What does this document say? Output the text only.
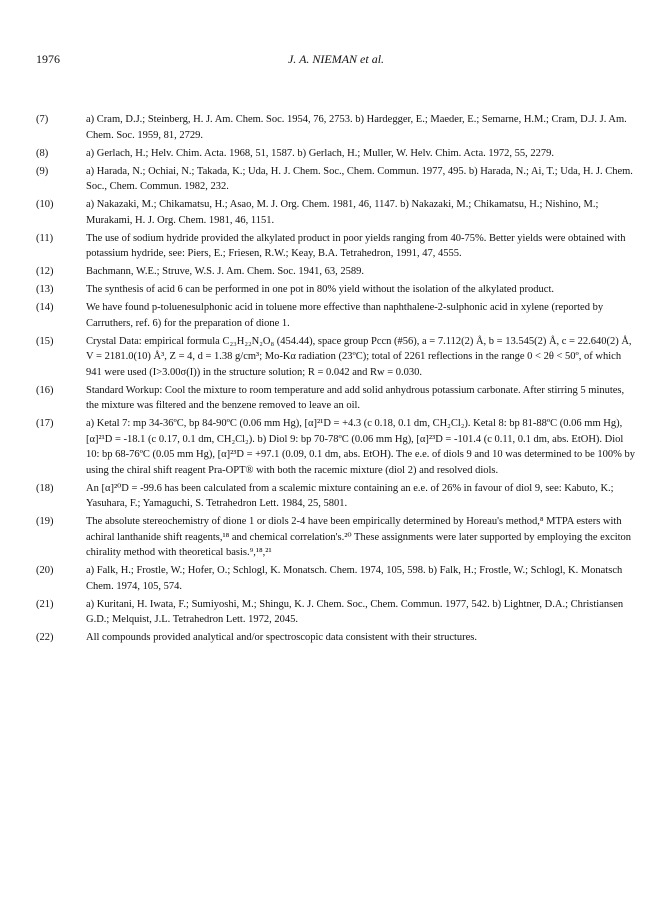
1976	J. A. NIEMAN et al.
(7)	a) Cram, D.J.; Steinberg, H. J. Am. Chem. Soc. 1954, 76, 2753. b) Hardegger, E.; Maeder, E.; Semarne, H.M.; Cram, D.J. J. Am. Chem. Soc. 1959, 81, 2729.
(8)	a) Gerlach, H.; Helv. Chim. Acta. 1968, 51, 1587. b) Gerlach, H.; Muller, W. Helv. Chim. Acta. 1972, 55, 2279.
(9)	a) Harada, N.; Ochiai, N.; Takada, K.; Uda, H. J. Chem. Soc., Chem. Commun. 1977, 495. b) Harada, N.; Ai, T.; Uda, H. J. Chem. Soc., Chem. Commun. 1982, 232.
(10)	a) Nakazaki, M.; Chikamatsu, H.; Asao, M. J. Org. Chem. 1981, 46, 1147. b) Nakazaki, M.; Chikamatsu, H.; Nishino, M.; Murakami, H. J. Org. Chem. 1981, 46, 1151.
(11)	The use of sodium hydride provided the alkylated product in poor yields ranging from 40-75%. Better yields were obtained with potassium hydride, see: Piers, E.; Friesen, R.W.; Keay, B.A. Tetrahedron, 1991, 47, 4555.
(12)	Bachmann, W.E.; Struve, W.S. J. Am. Chem. Soc. 1941, 63, 2589.
(13)	The synthesis of acid 6 can be performed in one pot in 80% yield without the isolation of the alkylated product.
(14)	We have found p-toluenesulphonic acid in toluene more effective than naphthalene-2-sulphonic acid in xylene (reported by Carruthers, ref. 6) for the preparation of dione 1.
(15)	Crystal Data: empirical formula C₂₃H₂₂N₂O₈ (454.44), space group Pccn (#56), a = 7.112(2) Å, b = 13.545(2) Å, c = 22.640(2) Å, V = 2181.0(10) Å³, Z = 4, d = 1.38 g/cm³; Mo-Kα radiation (23ºC); total of 2261 reflections in the range 0 < 2θ < 50º, of which 941 were used (I>3.00σ(I)) in the structure solution; R = 0.042 and Rw = 0.030.
(16)	Standard Workup: Cool the mixture to room temperature and add solid anhydrous potassium carbonate. After stirring 5 minutes, the mixture was filtered and the benzene removed to leave an oil.
(17)	a) Ketal 7: mp 34-36ºC, bp 84-90ºC (0.06 mm Hg), [α]²¹D = +4.3 (c 0.18, 0.1 dm, CH₂Cl₂). Ketal 8: bp 81-88ºC (0.06 mm Hg), [α]²¹D = -18.1 (c 0.17, 0.1 dm, CH₂Cl₂). b) Diol 9: bp 70-78ºC (0.06 mm Hg), [α]²³D = -101.4 (c 0.11, 0.1 dm, abs. EtOH). Diol 10: bp 68-76ºC (0.05 mm Hg), [α]²³D = +97.1 (0.09, 0.1 dm, abs. EtOH). The e.e. of diols 9 and 10 was determined to be 100% by using the chiral shift reagent Pra-OPT® with both the racemic mixture (diol 2) and resolved diols.
(18)	An [α]²⁰D = -99.6 has been calculated from a scalemic mixture containing an e.e. of 26% in favour of diol 9, see: Kabuto, K.; Yasuhara, F.; Yamaguchi, S. Tetrahedron Lett. 1984, 25, 5801.
(19)	The absolute stereochemistry of dione 1 or diols 2-4 have been empirically determined by Horeau's method,⁸ MTPA esters with achiral lanthanide shift reagents,¹⁸ and chemical correlation's.²⁰ These assignments were later supported by employing the exciton chirality method with theoretical basis.⁹,¹⁸,²¹
(20)	a) Falk, H.; Frostle, W.; Hofer, O.; Schlogl, K. Monatsch. Chem. 1974, 105, 598. b) Falk, H.; Frostle, W.; Schlogl, K. Monatsch Chem. 1974, 105, 574.
(21)	a) Kuritani, H. Iwata, F.; Sumiyoshi, M.; Shingu, K. J. Chem. Soc., Chem. Commun. 1977, 542. b) Lightner, D.A.; Christiansen G.D.; Melquist, J.L. Tetrahedron Lett. 1972, 2045.
(22)	All compounds provided analytical and/or spectroscopic data consistent with their structures.
